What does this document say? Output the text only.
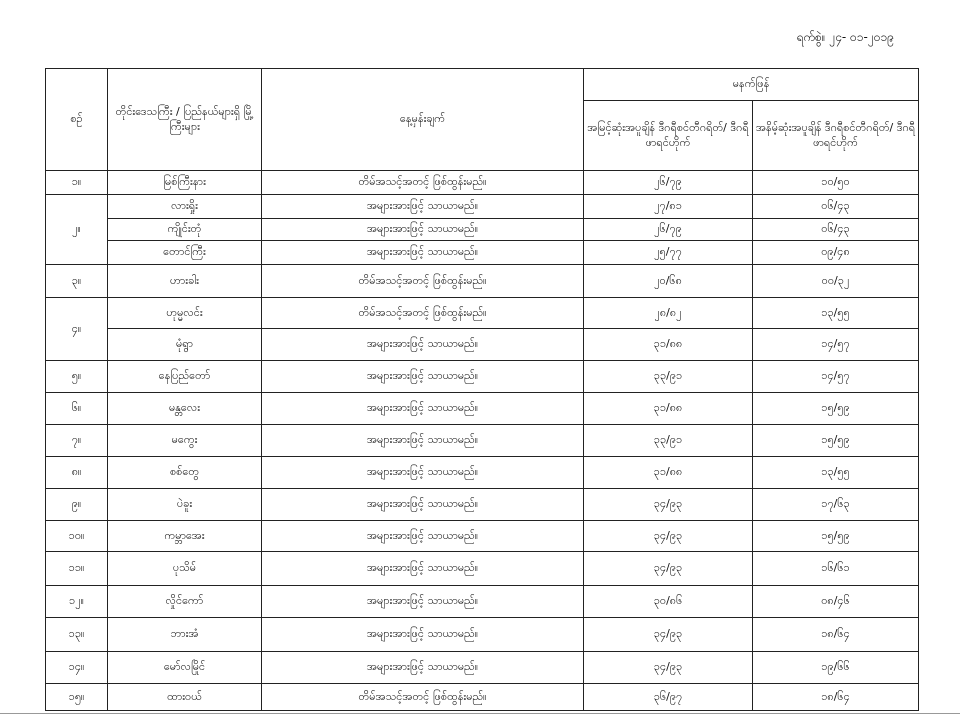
ရက်စွဲ။ ၂၄- ၀၁-၂၀၁၉
စဉ်	တိုင်းဒေသကြီး / ပြည်နယ်များရှိ မြို့ကြီးများ	နေ့မှန်းချက်	မနက်ဖြန်	
			အမြင့်ဆုံးအပူချိန် ဒီဂရီစင်တီဂရိတ်/ ဒီဂရီဖာရင်ဟိုက်	အနိမ့်ဆုံးအပူချိန် ဒီဂရီစင်တီဂရိတ်/ ဒီဂရီဖာရင်ဟိုက်
၁။	မြစ်ကြီးနား	တိမ်အသင့်အတင့် ဖြစ်ထွန်းမည်။	၂၆/၇၉	၁၀/၅၀
၂။	လားရှိုး	အများအားဖြင့် သာယာမည်။	၂၇/၈၁	၀၆/၄၃
	ကျိုင်းတုံ	အများအားဖြင့် သာယာမည်။	၂၆/၇၉	၀၆/၄၃
	တောင်ကြီး	အများအားဖြင့် သာယာမည်။	၂၅/၇၇	၀၉/၄၈
၃။	ဟားခါး	တိမ်အသင့်အတင့် ဖြစ်ထွန်းမည်။	၂၀/၆၈	၀၀/၃၂
၄။	ဟုမ္မလင်း	တိမ်အသင့်အတင့် ဖြစ်ထွန်းမည်။	၂၈/၈၂	၁၃/၅၅
	မုံရွာ	အများအားဖြင့် သာယာမည်။	၃၁/၈၈	၁၄/၅၇
၅။	နေပြည်တော်	အများအားဖြင့် သာယာမည်။	၃၃/၉၁	၁၄/၅၇
၆။	မန္တလေး	အများအားဖြင့် သာယာမည်။	၃၁/၈၈	၁၅/၅၉
၇။	မကွေး	အများအားဖြင့် သာယာမည်။	၃၃/၉၁	၁၅/၅၉
၈။	စစ်တွေ	အများအားဖြင့် သာယာမည်။	၃၁/၈၈	၁၃/၅၅
၉။	ပဲခူး	အများအားဖြင့် သာယာမည်။	၃၄/၉၃	၁၇/၆၃
၁၀။	ကမ္ဘာအေး	အများအားဖြင့် သာယာမည်။	၃၄/၉၃	၁၅/၅၉
၁၁။	ပုသိမ်	အများအားဖြင့် သာယာမည်။	၃၄/၉၃	၁၆/၆၁
၁၂။	လှိုင်ကော်	အများအားဖြင့် သာယာမည်။	၃၀/၈၆	၀၈/၄၆
၁၃။	ဘားအံ	အများအားဖြင့် သာယာမည်။	၃၄/၉၃	၁၈/၆၄
၁၄။	မော်လမြိုင်	အများအားဖြင့် သာယာမည်။	၃၄/၉၃	၁၉/၆၆
၁၅။	ထားဝယ်	တိမ်အသင့်အတင့် ဖြစ်ထွန်းမည်။	၃၆/၉၇	၁၈/၆၄
